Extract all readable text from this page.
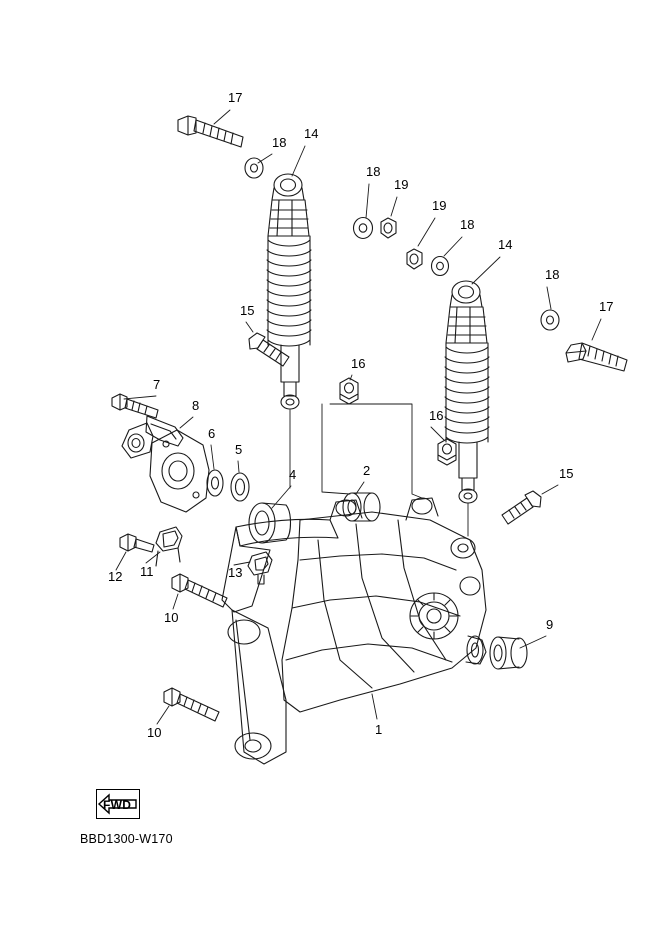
17
18
14
18
19
19
18
14
18
17
15
16
7
8
6
5
4	2
16
15
12 11	13
10	9
10	1
FWD
BBD1300-W170
